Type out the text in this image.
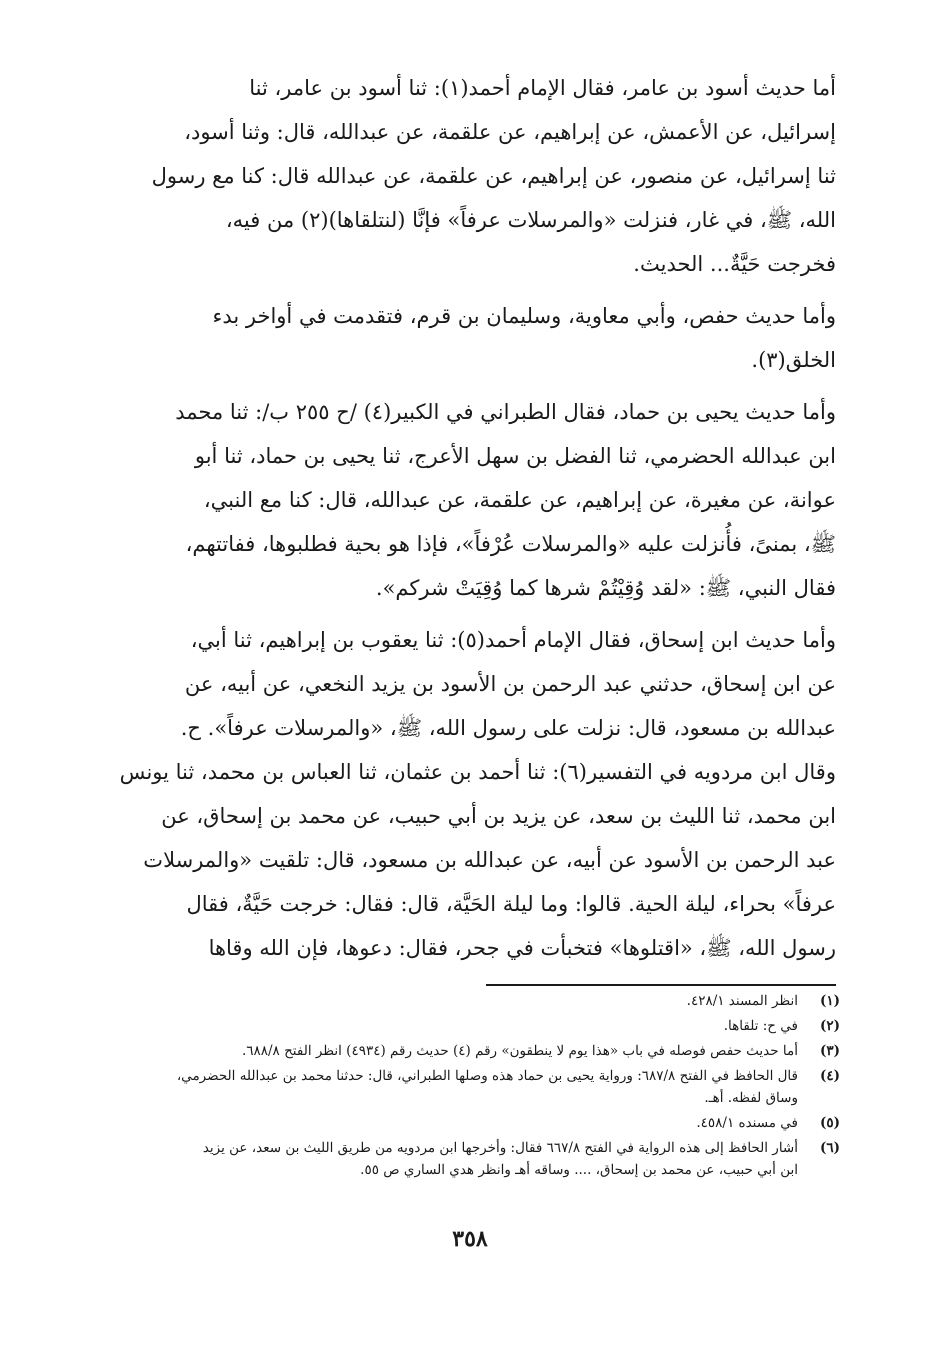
أما حديث أسود بن عامر، فقال الإمام أحمد(١): ثنا أسود بن عامر، ثنا
إسرائيل، عن الأعمش، عن إبراهيم، عن علقمة، عن عبدالله، قال: وثنا أسود،
ثنا إسرائيل، عن منصور، عن إبراهيم، عن علقمة، عن عبدالله قال: كنا مع رسول
الله، ﷺ، في غار، فنزلت «والمرسلات عرفاً» فإنَّا (لنتلقاها)(٢) من فيه،
فخرجت حَيَّةٌ... الحديث.
وأما حديث حفص، وأبي معاوية، وسليمان بن قرم، فتقدمت في أواخر بدء
الخلق(٣).
وأما حديث يحيى بن حماد، فقال الطبراني في الكبير(٤) /ح ٢٥٥ ب/: ثنا محمد
ابن عبدالله الحضرمي، ثنا الفضل بن سهل الأعرج، ثنا يحيى بن حماد، ثنا أبو
عوانة، عن مغيرة، عن إبراهيم، عن علقمة، عن عبدالله، قال: كنا مع النبي،
ﷺ، بمنىً، فأُنزلت عليه «والمرسلات عُرْفاً»، فإذا هو بحية فطلبوها، ففاتتهم،
فقال النبي، ﷺ: «لقد وُقِيْتُمْ شرها كما وُقِيَتْ شركم».
وأما حديث ابن إسحاق، فقال الإمام أحمد(٥): ثنا يعقوب بن إبراهيم، ثنا أبي،
عن ابن إسحاق، حدثني عبد الرحمن بن الأسود بن يزيد النخعي، عن أبيه، عن
عبدالله بن مسعود، قال: نزلت على رسول الله، ﷺ، «والمرسلات عرفاً». ح.
وقال ابن مردويه في التفسير(٦): ثنا أحمد بن عثمان، ثنا العباس بن محمد، ثنا يونس
ابن محمد، ثنا الليث بن سعد، عن يزيد بن أبي حبيب، عن محمد بن إسحاق، عن
عبد الرحمن بن الأسود عن أبيه، عن عبدالله بن مسعود، قال: تلقيت «والمرسلات
عرفاً» بحراء، ليلة الحية. قالوا: وما ليلة الحَيَّة، قال: فقال: خرجت حَيَّةٌ، فقال
رسول الله، ﷺ، «اقتلوها» فتخبأت في جحر، فقال: دعوها، فإن الله وقاها
(١)
انظر المسند ٤٢٨/١.
(٢)
في ح: تلقاها.
(٣)
أما حديث حفص فوصله في باب «هذا يوم لا ينطقون» رقم (٤) حديث رقم (٤٩٣٤) انظر الفتح ٦٨٨/٨.
(٤)
قال الحافظ في الفتح ٦٨٧/٨: ورواية يحيى بن حماد هذه وصلها الطبراني، قال: حدثنا محمد بن عبدالله الحضرمي،
وساق لفظه. أهـ.
(٥)
في مسنده ٤٥٨/١.
(٦)
أشار الحافظ إلى هذه الرواية في الفتح ٦٦٧/٨ فقال: وأخرجها ابن مردويه من طريق الليث بن سعد، عن يزيد
ابن أبي حبيب، عن محمد بن إسحاق، .... وساقه أهـ وانظر هدي الساري ص ٥٥.
٣٥٨
